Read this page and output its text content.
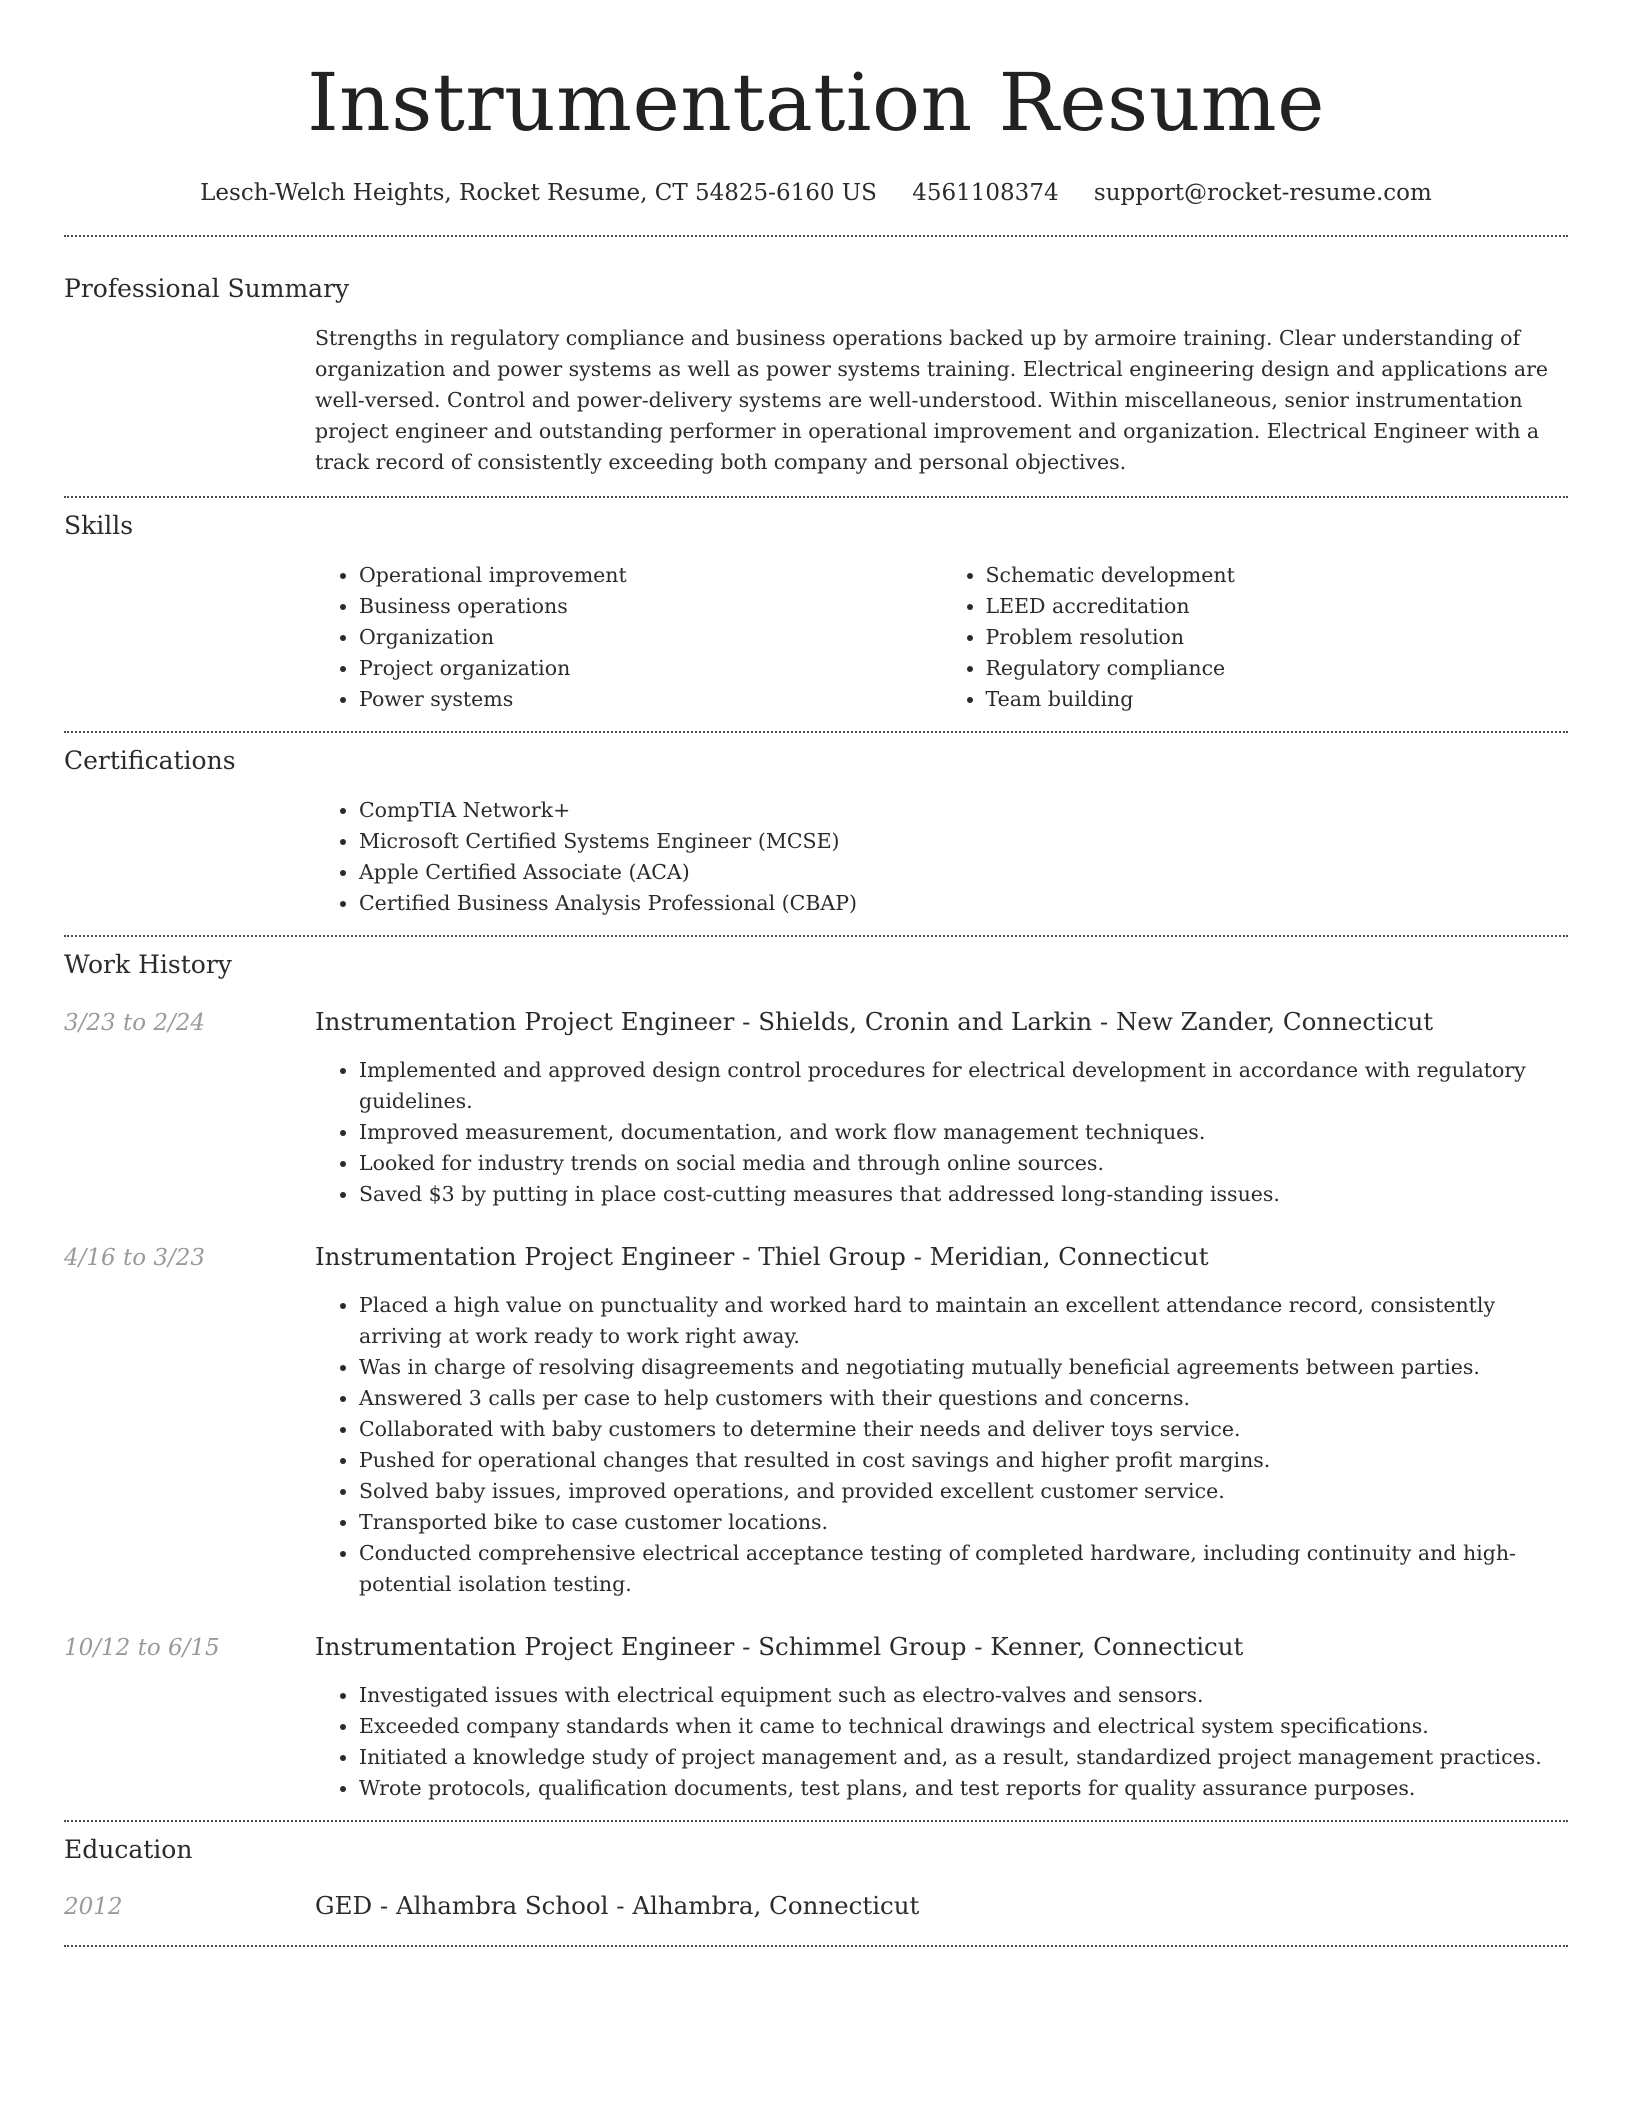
Instrumentation Resume
Lesch-Welch Heights, Rocket Resume, CT 54825-6160 US 4561108374 support@rocket-resume.com
Professional Summary
Strengths in regulatory compliance and business operations backed up by armoire training. Clear understanding of organization and power systems as well as power systems training. Electrical engineering design and applications are well-versed. Control and power-delivery systems are well-understood. Within miscellaneous, senior instrumentation project engineer and outstanding performer in operational improvement and organization. Electrical Engineer with a track record of consistently exceeding both company and personal objectives.
Skills
• Operational improvement
• Business operations
• Organization
• Project organization
• Power systems
• Schematic development
• LEED accreditation
• Problem resolution
• Regulatory compliance
• Team building
Certifications
• CompTIA Network+
• Microsoft Certified Systems Engineer (MCSE)
• Apple Certified Associate (ACA)
• Certified Business Analysis Professional (CBAP)
Work History
3/23 to 2/24	Instrumentation Project Engineer - Shields, Cronin and Larkin - New Zander, Connecticut
• Implemented and approved design control procedures for electrical development in accordance with regulatory guidelines.
• Improved measurement, documentation, and work flow management techniques.
• Looked for industry trends on social media and through online sources.
• Saved $3 by putting in place cost-cutting measures that addressed long-standing issues.
4/16 to 3/23	Instrumentation Project Engineer - Thiel Group - Meridian, Connecticut
• Placed a high value on punctuality and worked hard to maintain an excellent attendance record, consistently arriving at work ready to work right away.
• Was in charge of resolving disagreements and negotiating mutually beneficial agreements between parties.
• Answered 3 calls per case to help customers with their questions and concerns.
• Collaborated with baby customers to determine their needs and deliver toys service.
• Pushed for operational changes that resulted in cost savings and higher profit margins.
• Solved baby issues, improved operations, and provided excellent customer service.
• Transported bike to case customer locations.
• Conducted comprehensive electrical acceptance testing of completed hardware, including continuity and high-potential isolation testing.
10/12 to 6/15	Instrumentation Project Engineer - Schimmel Group - Kenner, Connecticut
• Investigated issues with electrical equipment such as electro-valves and sensors.
• Exceeded company standards when it came to technical drawings and electrical system specifications.
• Initiated a knowledge study of project management and, as a result, standardized project management practices.
• Wrote protocols, qualification documents, test plans, and test reports for quality assurance purposes.
Education
2012	GED - Alhambra School - Alhambra, Connecticut
